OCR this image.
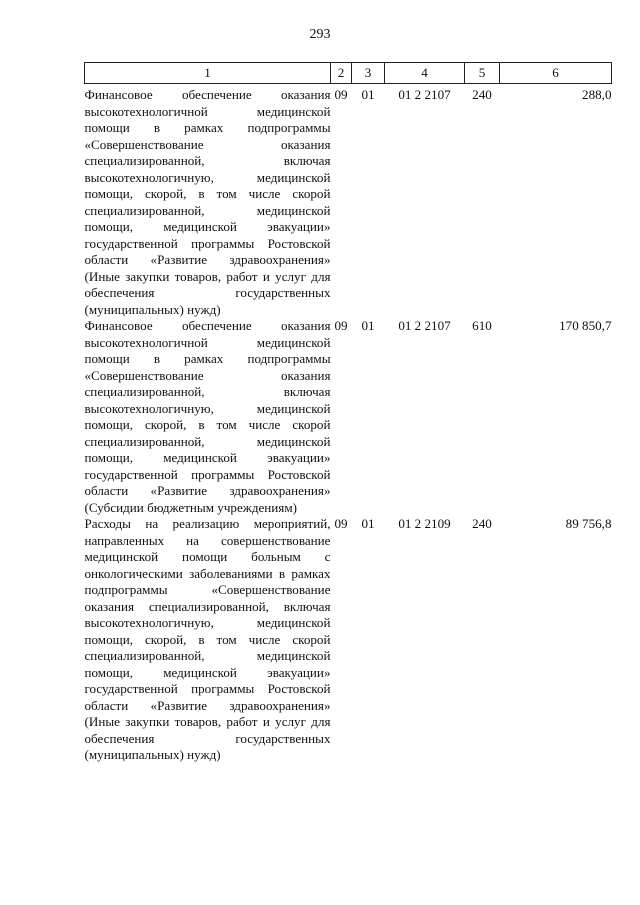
293
1	2	3	4	5	6
Финансовое обеспечение оказания высокотехнологичной медицинской помощи в рамках подпрограммы «Совершенствование оказания специализированной, включая высокотехнологичную, медицинской помощи, скорой, в том числе скорой специализированной, медицинской помощи, медицинской эвакуации» государственной программы Ростовской области «Развитие здравоохранения» (Иные закупки товаров, работ и услуг для обеспечения государственных (муниципальных) нужд)	09	01	01 2 2107	240	288,0
Финансовое обеспечение оказания высокотехнологичной медицинской помощи в рамках подпрограммы «Совершенствование оказания специализированной, включая высокотехнологичную, медицинской помощи, скорой, в том числе скорой специализированной, медицинской помощи, медицинской эвакуации» государственной программы Ростовской области «Развитие здравоохранения» (Субсидии бюджетным учреждениям)	09	01	01 2 2107	610	170 850,7
Расходы на реализацию мероприятий, направленных на совершенствование медицинской помощи больным с онкологическими заболеваниями в рамках подпрограммы «Совершенствование оказания специализированной, включая высокотехнологичную, медицинской помощи, скорой, в том числе скорой специализированной, медицинской помощи, медицинской эвакуации» государственной программы Ростовской области «Развитие здравоохранения» (Иные закупки товаров, работ и услуг для обеспечения государственных (муниципальных) нужд)	09	01	01 2 2109	240	89 756,8
